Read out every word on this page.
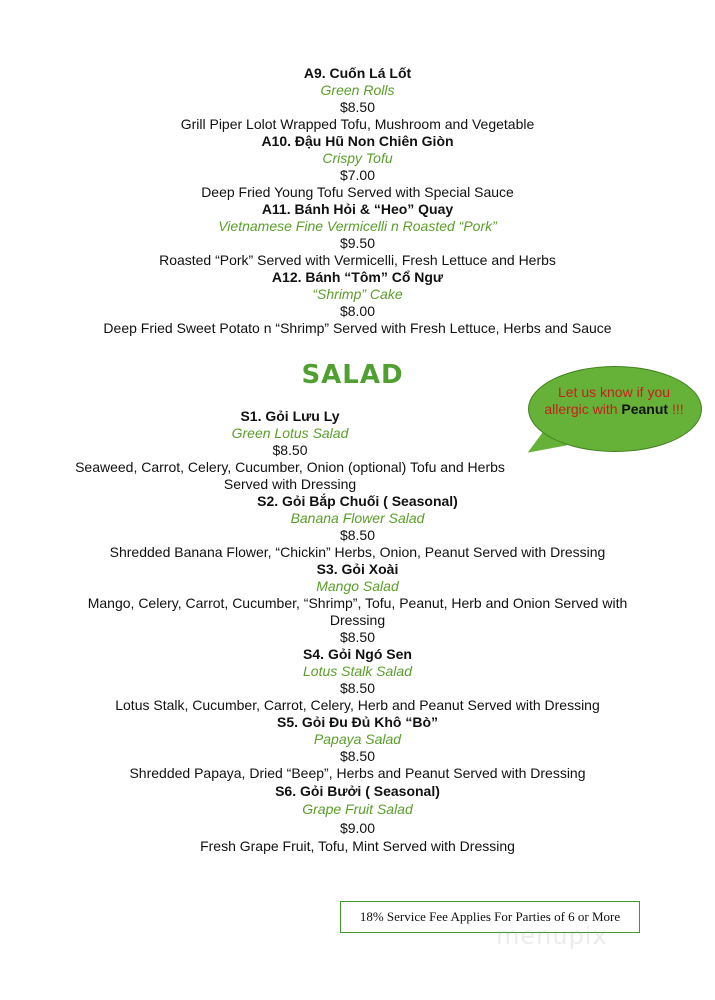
A9. Cuốn Lá Lốt
Green Rolls
$8.50
Grill Piper Lolot Wrapped Tofu, Mushroom and Vegetable
A10. Đậu Hũ Non Chiên Giòn
Crispy Tofu
$7.00
Deep Fried Young Tofu Served with Special Sauce
A11. Bánh Hỏi & “Heo” Quay
Vietnamese Fine Vermicelli n Roasted “Pork”
$9.50
Roasted “Pork” Served with Vermicelli, Fresh Lettuce and Herbs
A12. Bánh “Tôm” Cổ Ngư
“Shrimp” Cake
$8.00
Deep Fried Sweet Potato n “Shrimp” Served with Fresh Lettuce, Herbs and Sauce
SALAD
Let us know if you
allergic with Peanut !!!
S1. Gỏi Lưu Ly
Green Lotus Salad
$8.50
Seaweed, Carrot, Celery, Cucumber, Onion (optional) Tofu and Herbs
Served with Dressing
S2. Gỏi Bắp Chuối ( Seasonal)
Banana Flower Salad
$8.50
Shredded Banana Flower, “Chickin” Herbs, Onion, Peanut Served with Dressing
S3. Gỏi Xoài
Mango Salad
Mango, Celery, Carrot, Cucumber, “Shrimp”, Tofu, Peanut, Herb and Onion Served with
Dressing
$8.50
S4. Gỏi Ngó Sen
Lotus Stalk Salad
$8.50
Lotus Stalk, Cucumber, Carrot, Celery, Herb and Peanut Served with Dressing
S5. Gỏi Đu Đủ Khô “Bò”
Papaya Salad
$8.50
Shredded Papaya, Dried “Beep”, Herbs and Peanut Served with Dressing
S6. Gỏi Bưởi ( Seasonal)
Grape Fruit Salad
$9.00
Fresh Grape Fruit, Tofu, Mint Served with Dressing
18% Service Fee Applies For Parties of 6 or More
menupix
